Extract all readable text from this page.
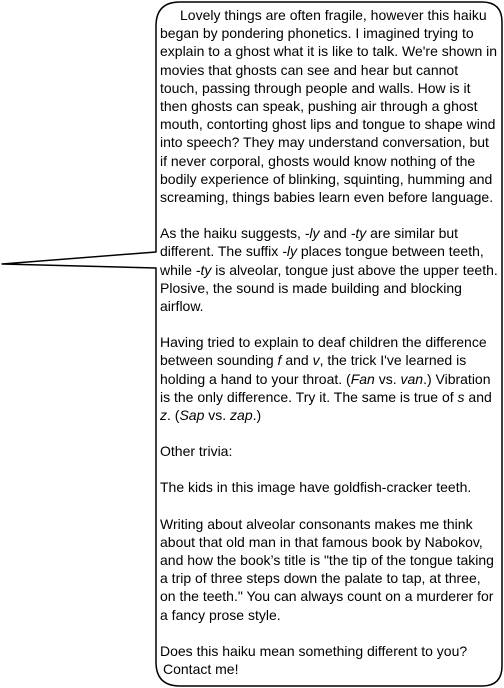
Lovely things are often fragile, however this haiku began by pondering phonetics. I imagined trying to explain to a ghost what it is like to talk. We're shown in movies that ghosts can see and hear but cannot touch, passing through people and walls. How is it then ghosts can speak, pushing air through a ghost mouth, contorting ghost lips and tongue to shape wind into speech? They may understand conversation, but if never corporal, ghosts would know nothing of the bodily experience of blinking, squinting, humming and screaming, things babies learn even before language.

As the haiku suggests, -ly and -ty are similar but different. The suffix -ly places tongue between teeth, while -ty is alveolar, tongue just above the upper teeth. Plosive, the sound is made building and blocking airflow.

Having tried to explain to deaf children the difference between sounding f and v, the trick I've learned is holding a hand to your throat. (Fan vs. van.) Vibration is the only difference. Try it. The same is true of s and z. (Sap vs. zap.)

Other trivia:

The kids in this image have goldfish-cracker teeth.

Writing about alveolar consonants makes me think about that old man in that famous book by Nabokov, and how the book’s title is "the tip of the tongue taking a trip of three steps down the palate to tap, at three, on the teeth." You can always count on a murderer for a fancy prose style.

Does this haiku mean something different to you?
Contact me!
